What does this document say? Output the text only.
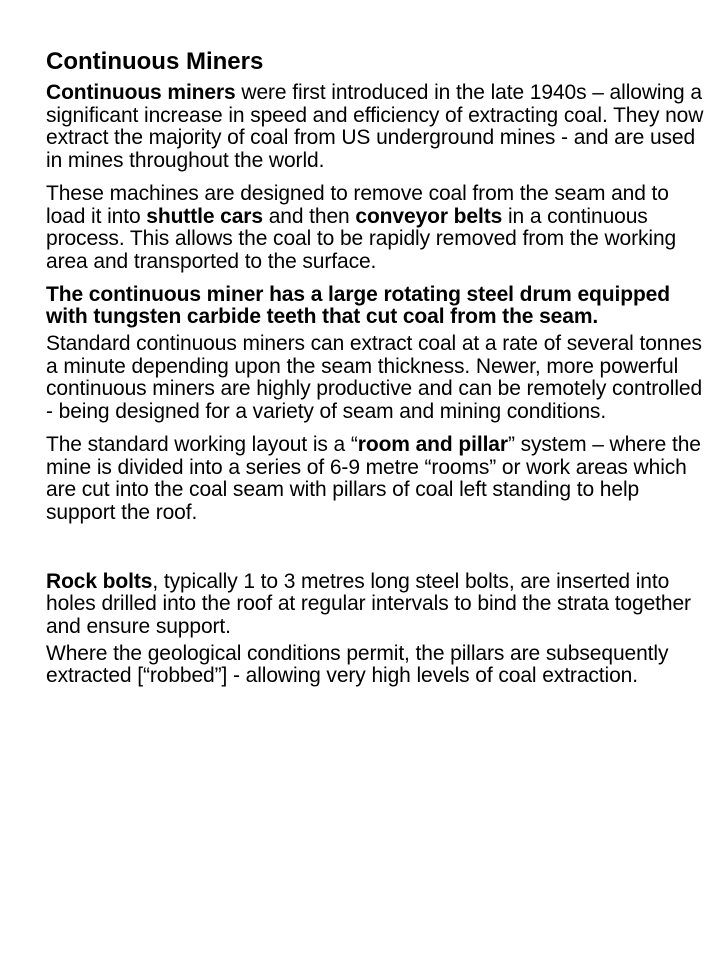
Continuous Miners

Continuous miners were first introduced in the late 1940s – allowing a significant increase in speed and efficiency of extracting coal. They now extract the majority of coal from US underground mines - and are used in mines throughout the world.

These machines are designed to remove coal from the seam and to load it into shuttle cars and then conveyor belts in a continuous process. This allows the coal to be rapidly removed from the working area and transported to the surface.

The continuous miner has a large rotating steel drum equipped with tungsten carbide teeth that cut coal from the seam.

Standard continuous miners can extract coal at a rate of several tonnes a minute depending upon the seam thickness. Newer, more powerful continuous miners are highly productive and can be remotely controlled - being designed for a variety of seam and mining conditions.

The standard working layout is a “room and pillar” system – where the mine is divided into a series of 6-9 metre “rooms” or work areas which are cut into the coal seam with pillars of coal left standing to help support the roof.

Rock bolts, typically 1 to 3 metres long steel bolts, are inserted into holes drilled into the roof at regular intervals to bind the strata together and ensure support.

Where the geological conditions permit, the pillars are subsequently extracted [“robbed”] - allowing very high levels of coal extraction.
